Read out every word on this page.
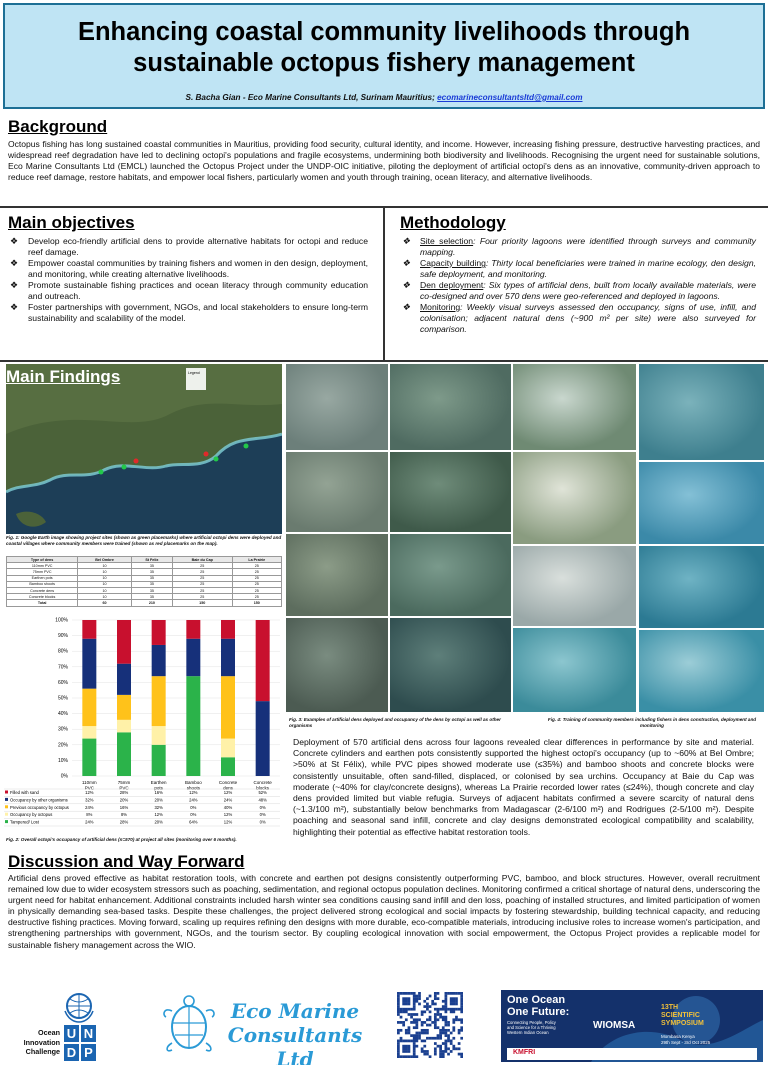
Enhancing coastal community livelihoods through
sustainable octopus fishery management
S. Bacha Gian - Eco Marine Consultants Ltd, Surinam Mauritius; ecomarineconsultantsltd@gmail.com
Background
Octopus fishing has long sustained coastal communities in Mauritius, providing food security, cultural identity, and income. However, increasing fishing pressure, destructive harvesting practices, and widespread reef degradation have led to declining octopi's populations and fragile ecosystems, undermining both biodiversity and livelihoods. Recognising the urgent need for sustainable solutions, Eco Marine Consultants Ltd (EMCL) launched the Octopus Project under the UNDP-OIC initiative, piloting the deployment of artificial octopi's dens as an innovative, community-driven approach to reduce reef damage, restore habitats, and empower local fishers, particularly women and youth through training, ocean literacy, and alternative livelihoods.
Main objectives
❖ Develop eco-friendly artificial dens to provide alternative habitats for octopi and reduce reef damage.
❖ Empower coastal communities by training fishers and women in den design, deployment, and monitoring, while creating alternative livelihoods.
❖ Promote sustainable fishing practices and ocean literacy through community education and outreach.
❖ Foster partnerships with government, NGOs, and local stakeholders to ensure long-term sustainability and scalability of the model.
Methodology
❖ Site selection: Four priority lagoons were identified through surveys and community mapping.
❖ Capacity building: Thirty local beneficiaries were trained in marine ecology, den design, safe deployment, and monitoring.
❖ Den deployment: Six types of artificial dens, built from locally available materials, were co-designed and over 570 dens were geo-referenced and deployed in lagoons.
❖ Monitoring: Weekly visual surveys assessed den occupancy, signs of use, infill, and colonisation; adjacent natural dens (~900 m² per site) were also surveyed for comparison.
Legend
Main Findings
Fig. 1: Google Earth image showing project sites (shown as green placemarks) where artificial octopi dens were deployed and coastal villages where community members were trained (shown as red placemarks on the map).
Type of dens	Bel Ombre	St Felix	Baie du Cap	La Prairie
110mm PVC	10	35	25	25
75mm PVC	10	35	25	25
Earthen pots	10	35	25	25
Bamboo shoots	10	35	25	25
Concrete dens	10	35	25	25
Concrete blocks	10	35	25	25
Total	60	210	150	150
0%
10%
20%
30%
40%
50%
60%
70%
80%
90%
100%
110mm
PVC
75mm
PVC
Earthen
pots
Bamboo
shoots
Concrete
dens
Concrete
blocks
Filled with sand	12%	28%	16%	12%	12%	52%
Occupancy by other organisms	32%	20%	20%	24%	24%	48%
Previous occupancy by octopus	24%	16%	32%	0%	40%	0%
Occupancy by octopus	8%	8%	12%	0%	12%	0%
Tampered/ Lost	24%	28%	20%	64%	12%	0%
Fig. 2: Overall octopi's occupancy of artificial dens (n=570) at project all sites (monitoring over 6 months).
Fig. 3: Examples of artificial dens deployed and occupancy of the dens by octopi as well as other organisms
Fig. 4: Training of community members including fishers in dens construction, deployment and monitoring
Deployment of 570 artificial dens across four lagoons revealed clear differences in performance by site and material. Concrete cylinders and earthen pots consistently supported the highest octopi's occupancy (up to ~60% at Bel Ombre; >50% at St Félix), while PVC pipes showed moderate use (≤35%) and bamboo shoots and concrete blocks were consistently unsuitable, often sand-filled, displaced, or colonised by sea urchins. Occupancy at Baie du Cap was moderate (~40% for clay/concrete designs), whereas La Prairie recorded lower rates (≤24%), though concrete and clay dens provided limited but viable refugia. Surveys of adjacent habitats confirmed a severe scarcity of natural dens (~1.3/100 m²), substantially below benchmarks from Madagascar (2-6/100 m²) and Rodrigues (2-5/100 m²). Despite poaching and seasonal sand infill, concrete and clay designs demonstrated ecological compatibility and scalability, highlighting their potential as effective habitat restoration tools.
Discussion and Way Forward
Artificial dens proved effective as habitat restoration tools, with concrete and earthen pot designs consistently outperforming PVC, bamboo, and block structures. However, overall recruitment remained low due to wider ecosystem stressors such as poaching, sedimentation, and regional octopus population declines. Monitoring confirmed a critical shortage of natural dens, underscoring the urgent need for habitat enhancement. Additional constraints included harsh winter sea conditions causing sand infill and den loss, poaching of installed structures, and limited participation of women in physically demanding sea-based tasks. Despite these challenges, the project delivered strong ecological and social impacts by fostering stewardship, building technical capacity, and reducing destructive fishing practices. Moving forward, scaling up requires refining den designs with more durable, eco-compatible materials, introducing inclusive roles to increase women's participation, and strengthening partnerships with government, NGOs, and the tourism sector. By coupling ecological innovation with social empowerment, the Octopus Project provides a replicable model for sustainable fishery management across the WIO.
U N
D P
Ocean
Innovation
Challenge
Eco Marine
Consultants Ltd
One Ocean
One Future:
Connecting People, Policy
and Science for a Thriving
Western Indian Ocean
WIOMSA
13TH
SCIENTIFIC
SYMPOSIUM
Mombasa Kenya
29th Sept - 3rd Oct 2025
KMFRI
